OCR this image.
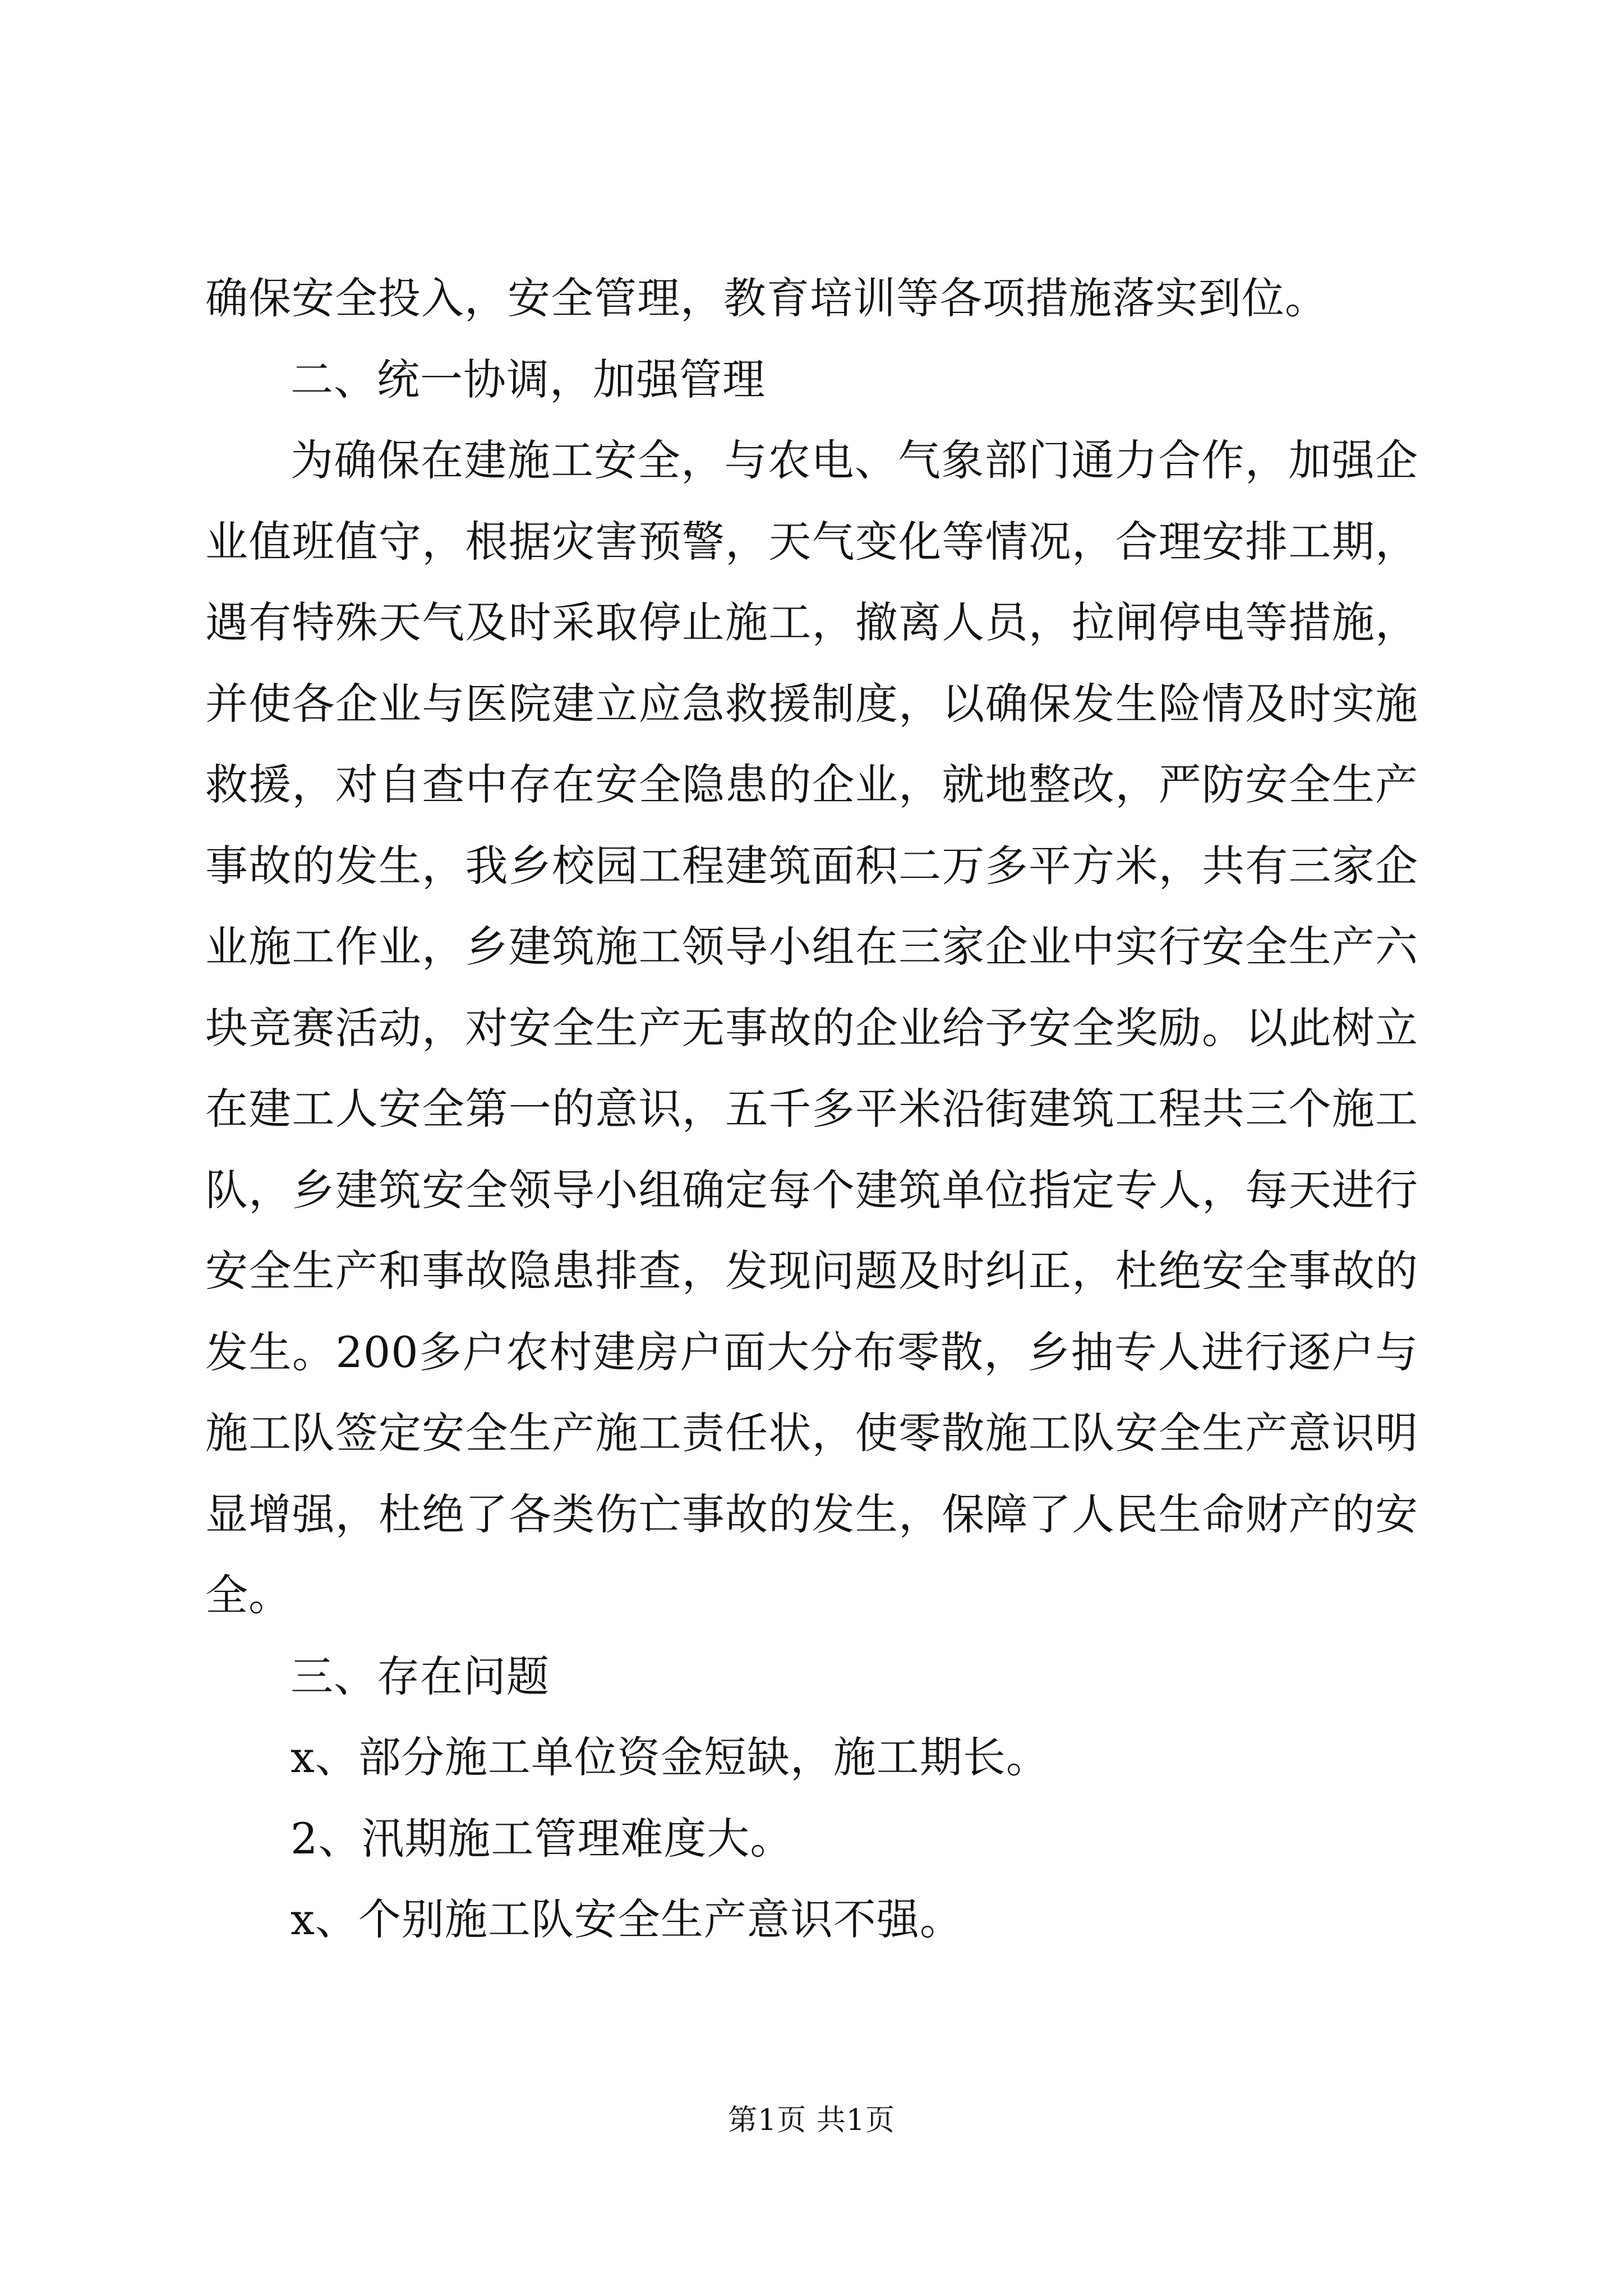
确保安全投入，安全管理，教育培训等各项措施落实到位。

二、统一协调，加强管理

为确保在建施工安全，与农电、气象部门通力合作，加强企业值班值守，根据灾害预警，天气变化等情况，合理安排工期，遇有特殊天气及时采取停止施工，撤离人员，拉闸停电等措施，并使各企业与医院建立应急救援制度，以确保发生险情及时实施救援，对自查中存在安全隐患的企业，就地整改，严防安全生产事故的发生，我乡校园工程建筑面积二万多平方米，共有三家企业施工作业，乡建筑施工领导小组在三家企业中实行安全生产六块竞赛活动，对安全生产无事故的企业给予安全奖励。以此树立在建工人安全第一的意识，五千多平米沿街建筑工程共三个施工队，乡建筑安全领导小组确定每个建筑单位指定专人，每天进行安全生产和事故隐患排查，发现问题及时纠正，杜绝安全事故的发生。200多户农村建房户面大分布零散，乡抽专人进行逐户与施工队签定安全生产施工责任状，使零散施工队安全生产意识明显增强，杜绝了各类伤亡事故的发生，保障了人民生命财产的安全。

三、存在问题

x、部分施工单位资金短缺，施工期长。

2、汛期施工管理难度大。

x、个别施工队安全生产意识不强。

第1页 共1页
